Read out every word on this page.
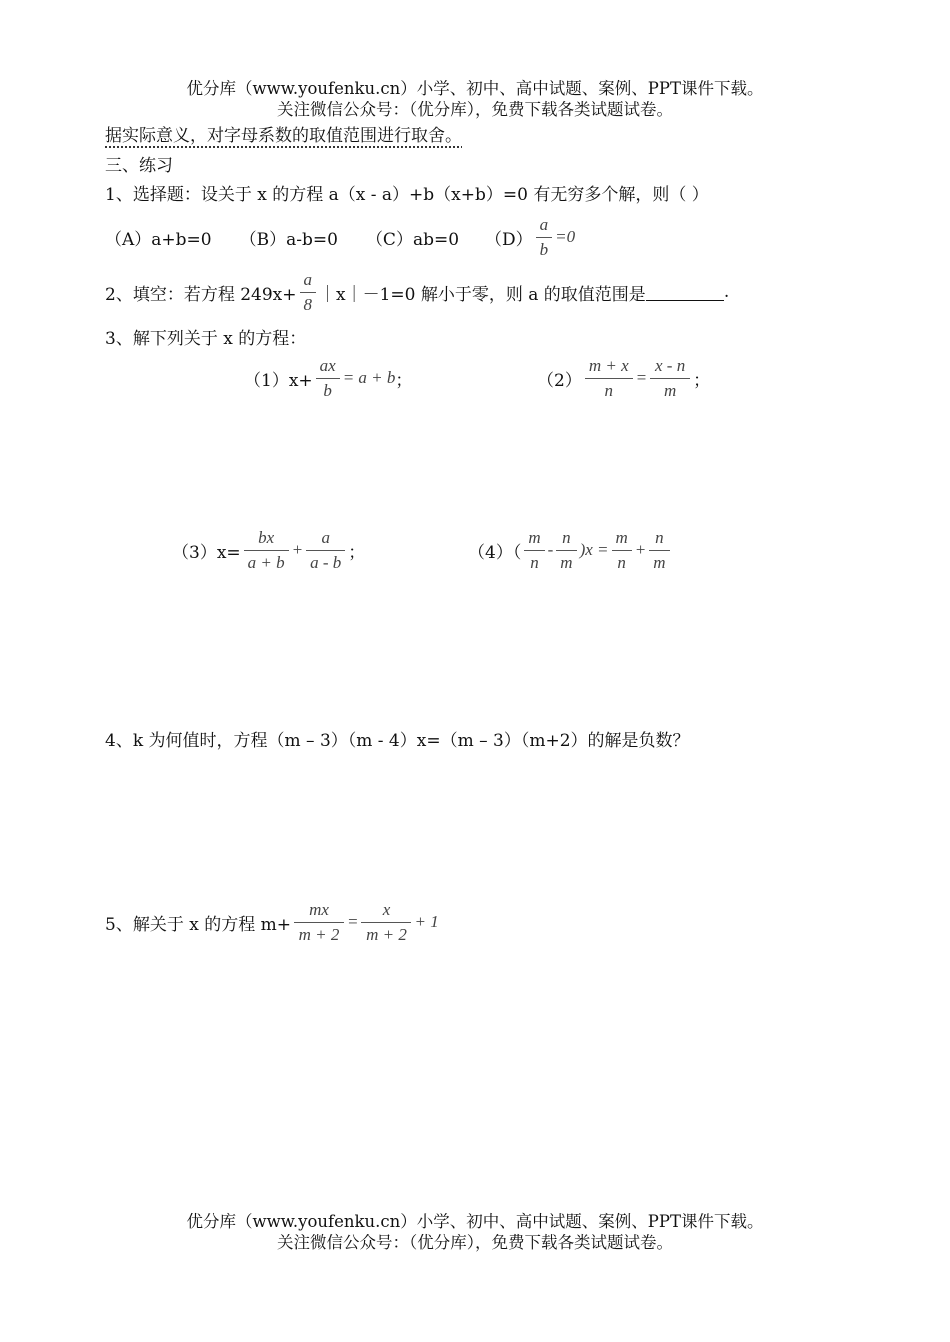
优分库（www.youfenku.cn）小学、初中、高中试题、案例、PPT课件下载。
关注微信公众号：（优分库），免费下载各类试题试卷。
据实际意义，对字母系数的取值范围进行取舍。
三、练习
1、选择题：设关于 x 的方程 a（x - a）+b（x+b）=0 有无穷多个解，则（ ）
（A）a+b=0 （B）a-b=0 （C）ab=0 $(D) \frac{a}{b} =0$
2、填空：若方程 $249x+ \frac{a}{8}$ ｜x｜－1=0 解小于零，则 a 的取值范围是	.
3、解下列关于 x 的方程：
$(1)x+ \frac{ax}{b} = a + b$ ；	$(2) \frac{m + x}{n} = \frac{x - n}{m}$ ；
$(3)x= \frac{bx}{a + b} + \frac{a}{a - b}$ ；	$(4)( \frac{m}{n} - \frac{n}{m} )x = \frac{m}{n} + \frac{n}{m}$
4、k 为何值时，方程（m – 3）（m - 4）x=（m – 3）（m+2）的解是负数？
5、解关于 x 的方程 $m+ \frac{mx}{m + 2} = \frac{x}{m + 2} + 1$
优分库（www.youfenku.cn）小学、初中、高中试题、案例、PPT课件下载。
关注微信公众号：（优分库），免费下载各类试题试卷。
